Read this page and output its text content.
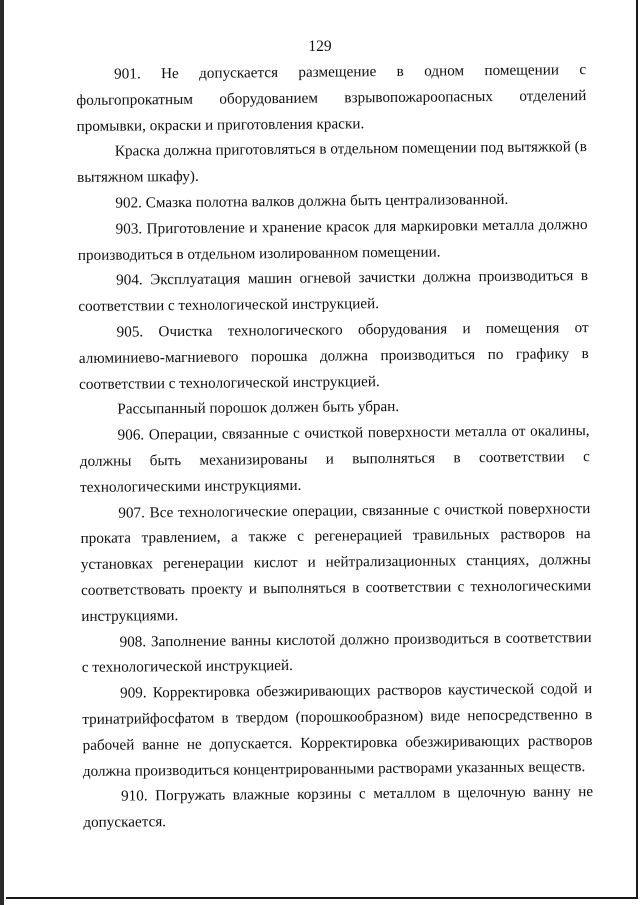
129

901. Не допускается размещение в одном помещении с фольгопрокатным оборудованием взрывопожароопасных отделений промывки, окраски и приготовления краски.

Краска должна приготовляться в отдельном помещении под вытяжкой (в вытяжном шкафу).

902. Смазка полотна валков должна быть централизованной.

903. Приготовление и хранение красок для маркировки металла должно производиться в отдельном изолированном помещении.

904. Эксплуатация машин огневой зачистки должна производиться в соответствии с технологической инструкцией.

905. Очистка технологического оборудования и помещения от алюминиево-магниевого порошка должна производиться по графику в соответствии с технологической инструкцией.

Рассыпанный порошок должен быть убран.

906. Операции, связанные с очисткой поверхности металла от окалины, должны быть механизированы и выполняться в соответствии с технологическими инструкциями.

907. Все технологические операции, связанные с очисткой поверхности проката травлением, а также с регенерацией травильных растворов на установках регенерации кислот и нейтрализационных станциях, должны соответствовать проекту и выполняться в соответствии с технологическими инструкциями.

908. Заполнение ванны кислотой должно производиться в соответствии с технологической инструкцией.

909. Корректировка обезжиривающих растворов каустической содой и тринатрийфосфатом в твердом (порошкообразном) виде непосредственно в рабочей ванне не допускается. Корректировка обезжиривающих растворов должна производиться концентрированными растворами указанных веществ.

910. Погружать влажные корзины с металлом в щелочную ванну не допускается.
